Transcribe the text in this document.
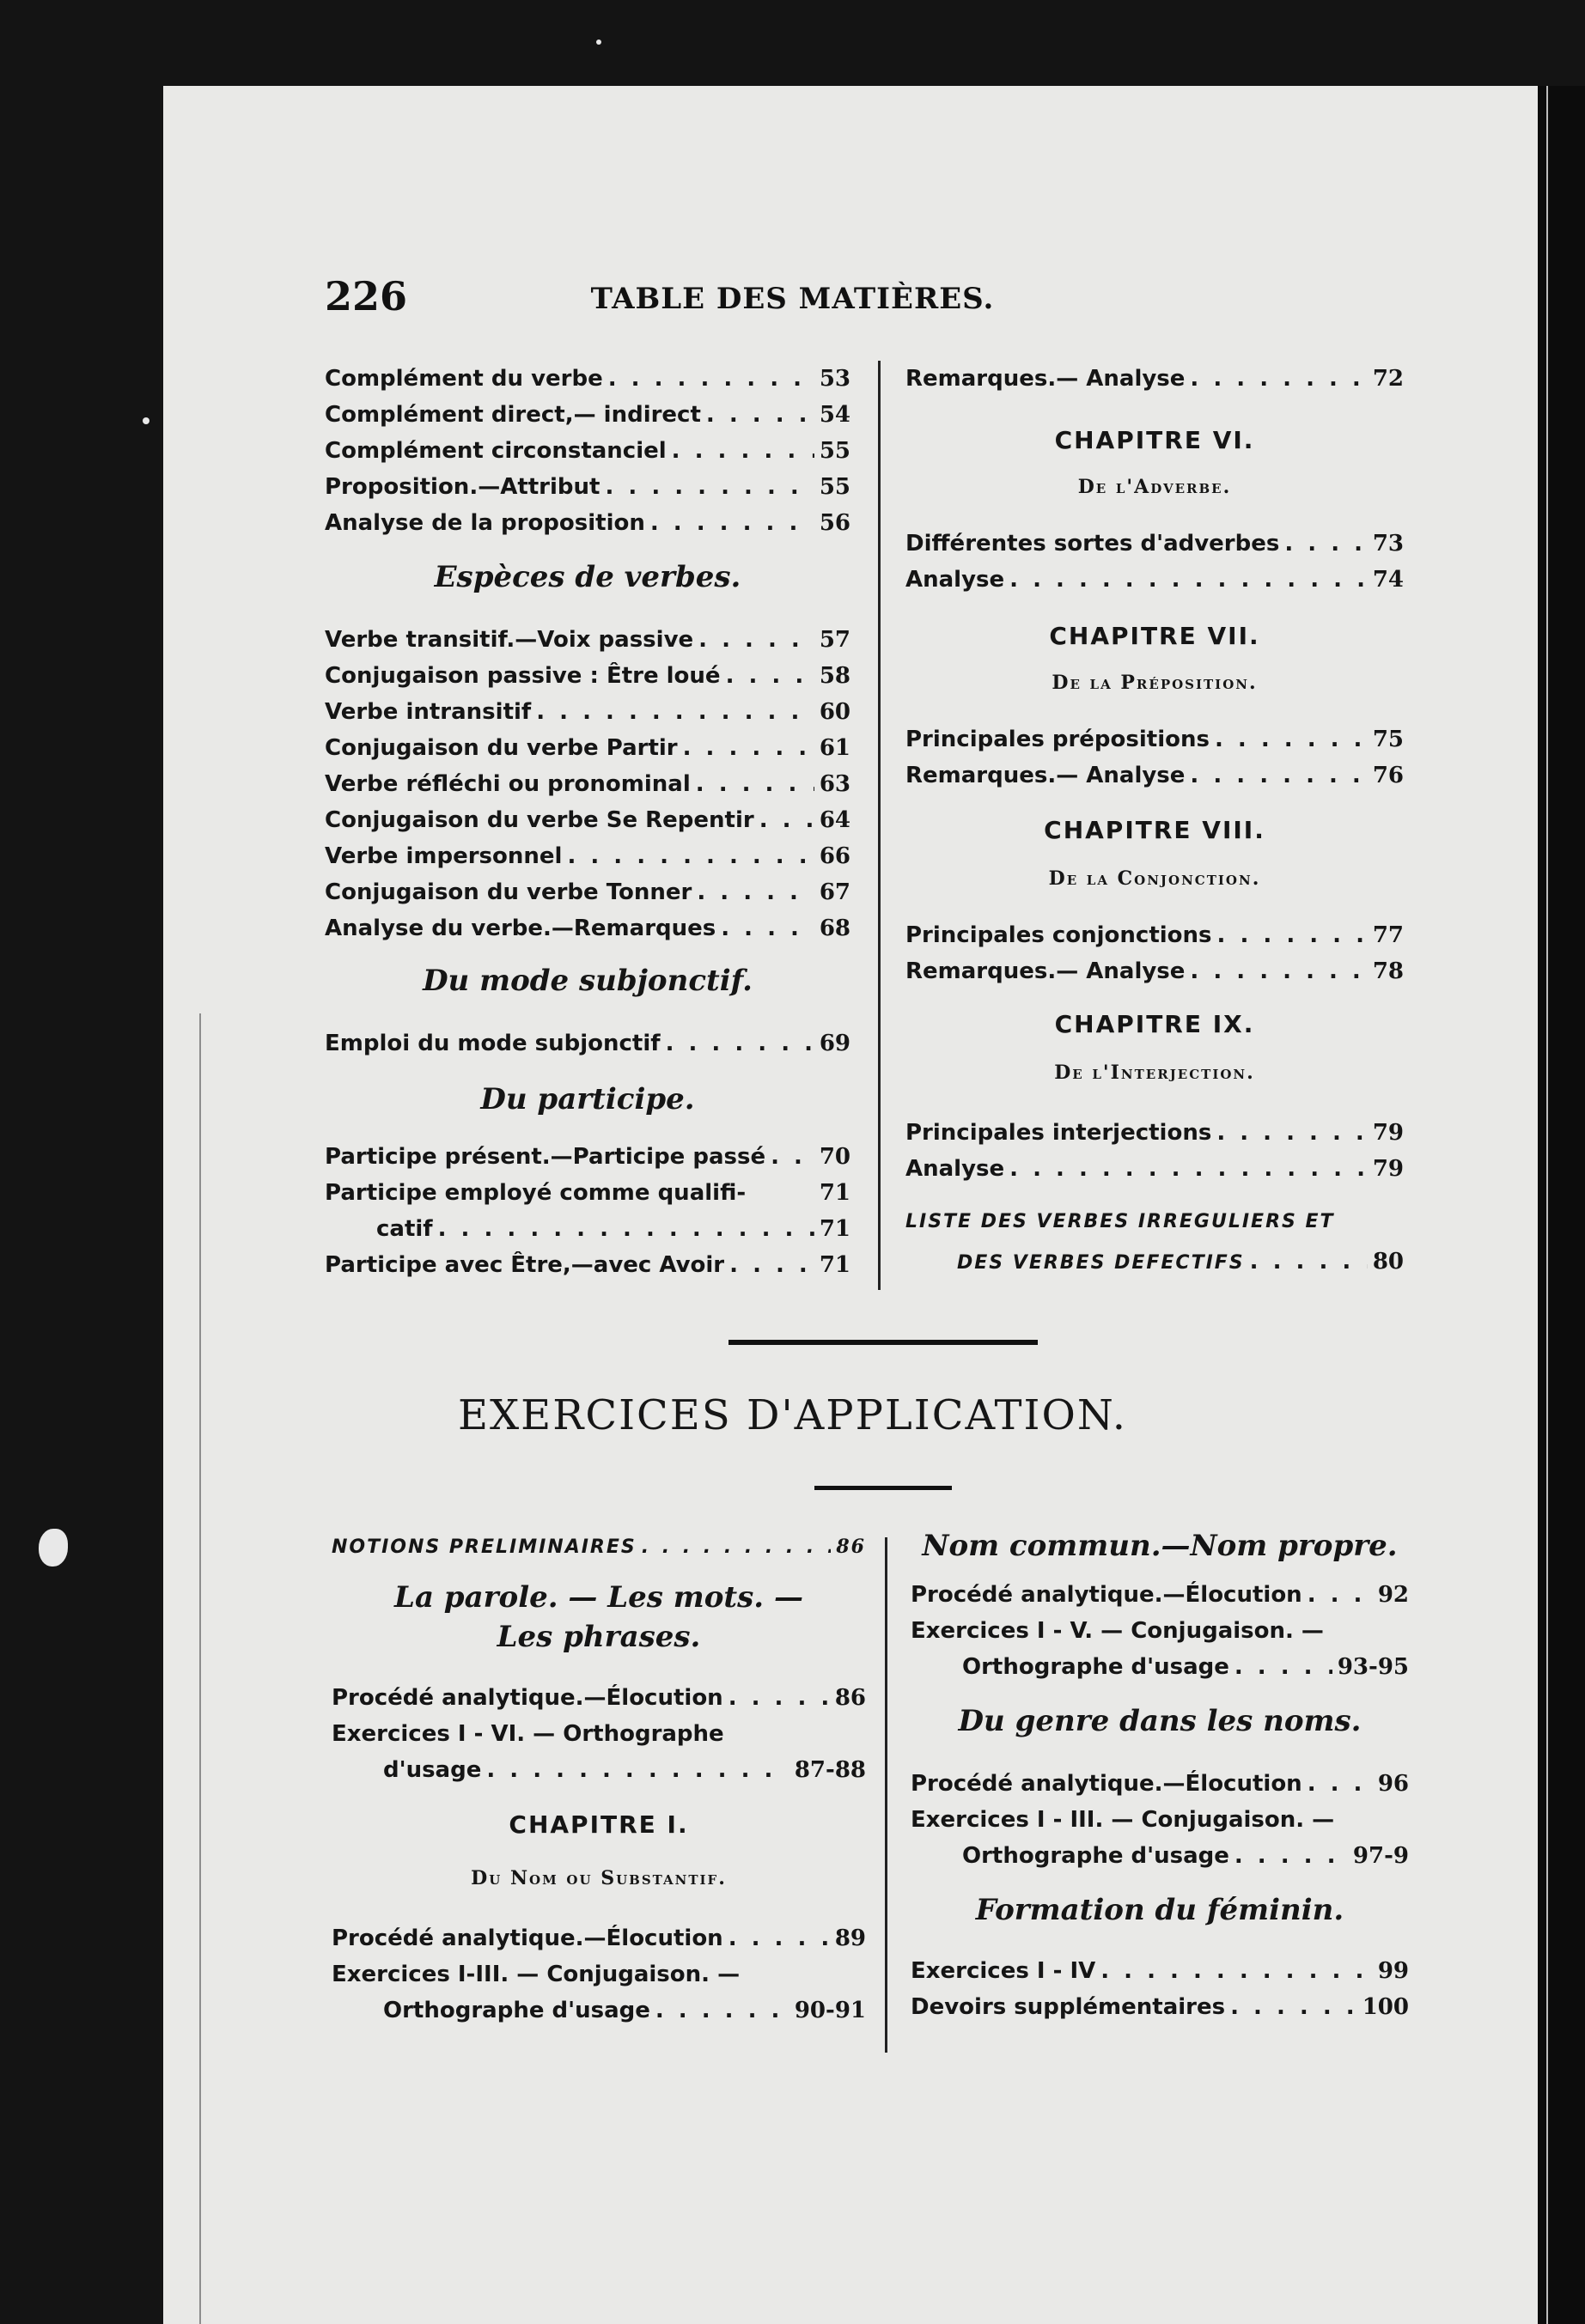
226	TABLE DES MATIÈRES.
Complément du verbe . . .	53
Complément direct,— indirect . . .	54
Complément circonstanciel . . .	55
Proposition.—Attribut . . .	55
Analyse de la proposition . . .	56
Espèces de verbes.
Verbe transitif.—Voix passive . . .	57
Conjugaison passive : Être loué . . .	58
Verbe intransitif . . .	60
Conjugaison du verbe Partir . . .	61
Verbe réfléchi ou pronominal . . .	63
Conjugaison du verbe Se Repentir . . .	64
Verbe impersonnel . . .	66
Conjugaison du verbe Tonner . . .	67
Analyse du verbe.—Remarques . . .	68
Du mode subjonctif.
Emploi du mode subjonctif . . .	69
Du participe.
Participe présent.—Participe passé . . . 70
Participe employé comme qualifi-	71
catif . . .	71
Participe avec Être,—avec Avoir . . .	71
Remarques.— Analyse . . .	72
CHAPITRE VI.
De l'Adverbe.
Différentes sortes d'adverbes . . .	73
Analyse . . .	74
CHAPITRE VII.
De la Préposition.
Principales prépositions . . .	75
Remarques.— Analyse . . .	76
CHAPITRE VIII.
De la Conjonction.
Principales conjonctions . . .	77
Remarques.— Analyse . . .	78
CHAPITRE IX.
De l'Interjection.
Principales interjections . . .	79
Analyse . . .	79
LISTE DES VERBES IRREGULIERS ET
DES VERBES DEFECTIFS . . .	80
EXERCICES D'APPLICATION.
NOTIONS PRELIMINAIRES . . .	86
La parole. — Les mots. —
Les phrases.
Procédé analytique.—Élocution . . .	86
Exercices I - VI. — Orthographe
d'usage . . .	87-88
CHAPITRE I.
Du Nom ou Substantif.
Procédé analytique.—Élocution . . .	89
Exercices I-III. — Conjugaison. —
Orthographe d'usage . . .	90-91
Nom commun.—Nom propre.
Procédé analytique.—Élocution . . .	92
Exercices I - V. — Conjugaison. —
Orthographe d'usage . . .	93-95
Du genre dans les noms.
Procédé analytique.—Élocution . . .	96
Exercices I - III. — Conjugaison. —
Orthographe d'usage . . .	97-9
Formation du féminin.
Exercices I - IV . . .	99
Devoirs supplémentaires . . .	100
